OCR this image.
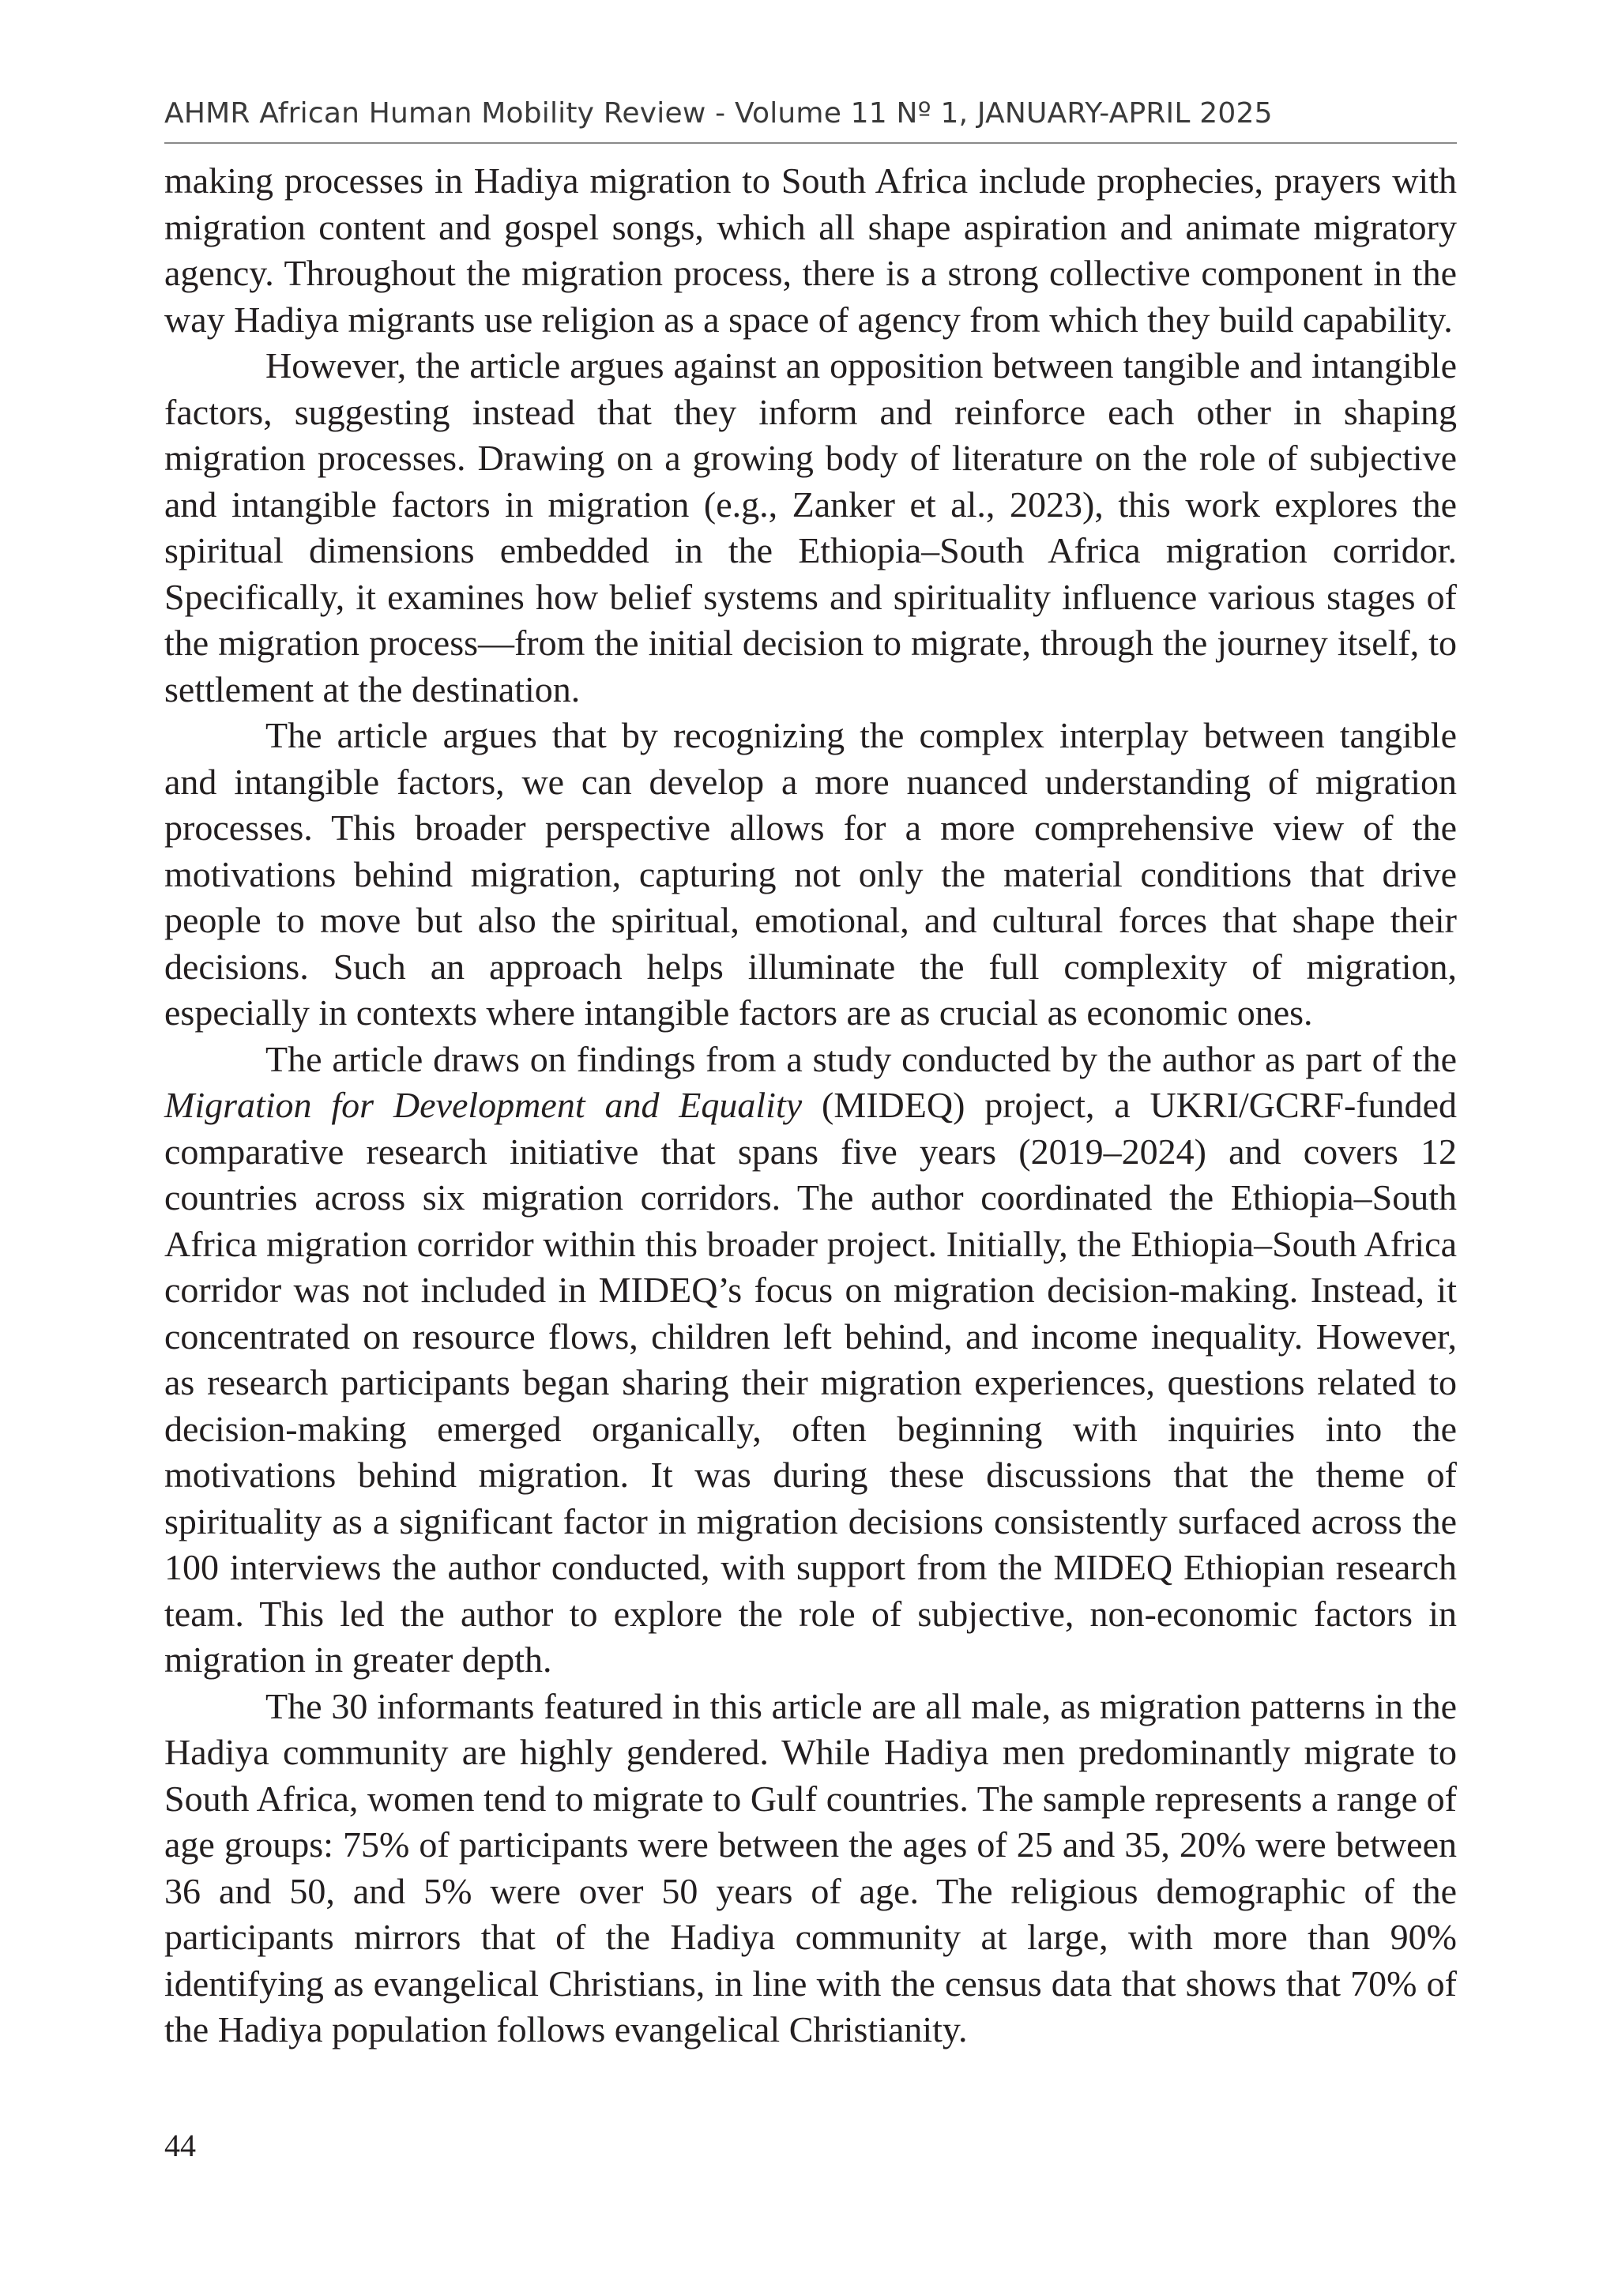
AHMR African Human Mobility Review - Volume 11 Nº 1, JANUARY-APRIL 2025

making processes in Hadiya migration to South Africa include prophecies, prayers with migration content and gospel songs, which all shape aspiration and animate migratory agency. Throughout the migration process, there is a strong collective component in the way Hadiya migrants use religion as a space of agency from which they build capability.

However, the article argues against an opposition between tangible and intangible factors, suggesting instead that they inform and reinforce each other in shaping migration processes. Drawing on a growing body of literature on the role of subjective and intangible factors in migration (e.g., Zanker et al., 2023), this work explores the spiritual dimensions embedded in the Ethiopia–South Africa migration corridor. Specifically, it examines how belief systems and spirituality influence various stages of the migration process—from the initial decision to migrate, through the journey itself, to settlement at the destination.

The article argues that by recognizing the complex interplay between tangible and intangible factors, we can develop a more nuanced understanding of migration processes. This broader perspective allows for a more comprehensive view of the motivations behind migration, capturing not only the material conditions that drive people to move but also the spiritual, emotional, and cultural forces that shape their decisions. Such an approach helps illuminate the full complexity of migration, especially in contexts where intangible factors are as crucial as economic ones.

The article draws on findings from a study conducted by the author as part of the Migration for Development and Equality (MIDEQ) project, a UKRI/GCRF-funded comparative research initiative that spans five years (2019–2024) and covers 12 countries across six migration corridors. The author coordinated the Ethiopia–South Africa migration corridor within this broader project. Initially, the Ethiopia–South Africa corridor was not included in MIDEQ’s focus on migration decision-making. Instead, it concentrated on resource flows, children left behind, and income inequality. However, as research participants began sharing their migration experiences, questions related to decision-making emerged organically, often beginning with inquiries into the motivations behind migration. It was during these discussions that the theme of spirituality as a significant factor in migration decisions consistently surfaced across the 100 interviews the author conducted, with support from the MIDEQ Ethiopian research team. This led the author to explore the role of subjective, non-economic factors in migration in greater depth.

The 30 informants featured in this article are all male, as migration patterns in the Hadiya community are highly gendered. While Hadiya men predominantly migrate to South Africa, women tend to migrate to Gulf countries. The sample represents a range of age groups: 75% of participants were between the ages of 25 and 35, 20% were between 36 and 50, and 5% were over 50 years of age. The religious demographic of the participants mirrors that of the Hadiya community at large, with more than 90% identifying as evangelical Christians, in line with the census data that shows that 70% of the Hadiya population follows evangelical Christianity.

44
